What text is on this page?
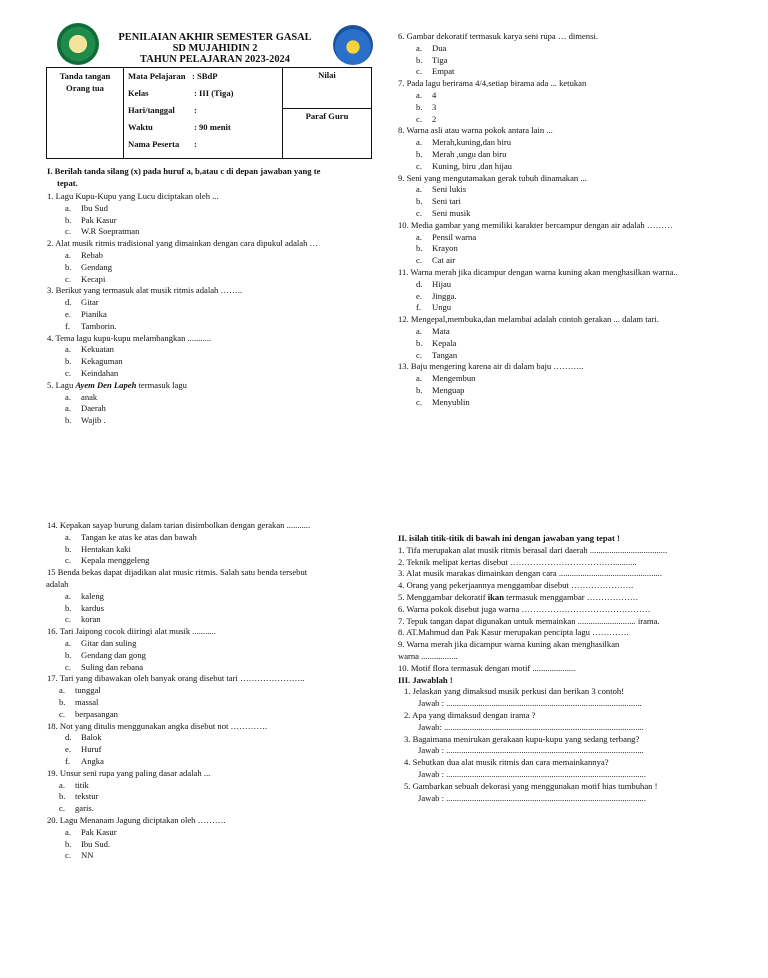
PENILAIAN AKHIR SEMESTER GASAL
SD MUJAHIDIN 2
TAHUN PELAJARAN 2023-2024
Tanda tangan Orang tua	
Mata Pelajaran : SBdP
Kelas	: III (Tiga)
Hari/tanggal	:
Waktu	: 90 menit
Nama Peserta	:
	Nilai
Paraf Guru
I. Berilah tanda silang (x) pada huruf a, b,atau c di depan jawaban yang te
tepat.
1. Lagu Kupu-Kupu yang Lucu diciptakan oleh ...
a. Ibu Sud
b. Pak Kasur
c. W.R Soepratman
2. Alat musik ritmis tradisional yang dimainkan dengan cara dipukul adalah …
a. Rebab
b. Gendang
c. Kecapi
3. Berikut yang termasuk alat musik ritmis adalah ……..
d. Gitar
e. Pianika
f. Tamborin.
4. Tema lagu kupu-kupu melambangkan ...........
a. Kekuatan
b. Kekaguman
c. Keindahan
5. Lagu Ayem Den Lapeh termasuk lagu
a. anak
a. Daerah
b. Wajib .
6. Gambar dekoratif termasuk karya seni rupa … dimensi.
a. Dua
b. Tiga
c. Empat
7. Pada lagu berirama 4/4,setiap birama ada ... ketukan
a. 4
b. 3
c. 2
8. Warna asli atau warna pokok antara lain ...
a. Merah,kuning,dan biru
b. Merah ,ungu dan biru
c. Kuning, biru ,dan hijau
9. Seni yang mengutamakan gerak tubuh dinamakan ...
a. Seni lukis
b. Seni tari
c. Seni musik
10. Media gambar yang memiliki karakter bercampur dengan air adalah ………
a. Pensil warna
b. Krayon
c. Cat air
11. Warna merah jika dicampur dengan warna kuning akan menghasilkan warna..
d. Hijau
e. Jingga.
f. Ungu
12. Mengepal,membuka,dan melambai adalah contoh gerakan ... dalam tari.
a. Mata
b. Kepala
c. Tangan
13. Baju mengering karena air di dalam baju ………..
a. Mengembun
b. Menguap
c. Menyublin
14. Kepakan sayap burung dalam tarian disimbolkan dengan gerakan ...........
a. Tangan ke atas ke atas dan bawah
b. Hentakan kaki
c. Kepala menggeleng
15 Benda bekas dapat dijadikan alat music ritmis. Salah satu benda tersebut
adalah
a. kaleng
b. kardus
c. koran
16. Tari Jaipong cocok diiringi alat musik ...........
a. Gitar dan suling
b. Gendang dan gong
c. Suling dan rebana
17. Tari yang dibawakan oleh banyak orang disebut tari …………………..
a. tunggal
b. massal
c. berpasangan
18. Not yang ditulis menggunakan angka disebut not ………….
d. Balok
e. Huruf
f. Angka
19. Unsur seni rupa yang paling dasar adalah ...
a. titik
b. tekstur
c. garis.
20. Lagu Menanam Jagung diciptakan oleh ……….
a. Pak Kasur
b. Ibu Sud.
c. NN
II. isilah titik-titik di bawah ini dengan jawaban yang tepat !
1. Tifa merupakan alat musik ritmis berasal dari daerah ....................................
2. Teknik melipat kertas disebut ………………………………...........
3. Alat musik marakas dimainkan dengan cara ................................................
4. Orang yang pekerjaannya menggambar disebut ………………….
5. Menggambar dekoratif ikan termasuk menggambar ………………
6. Warna pokok disebut juga warna ………………………………………
7. Tepuk tangan dapat digunakan untuk memainkan ........................... irama.
8. AT.Mahmud dan Pak Kasur merupakan pencipta lagu ………….
9. Warna merah jika dicampur warna kuning akan menghasilkan
warna .................
10. Motif flora termasuk dengan motif ....................
III. Jawablah !
1. Jelaskan yang dimaksud musik perkusi dan berikan 3 contoh!
Jawab : ...........................................................................................
2. Apa yang dimaksud dengan irama ?
Jawab: .............................................................................................
3. Bagaimana menirukan gerakaan kupu-kupu yang sedang terbang?
Jawab : ............................................................................................
4. Sebutkan dua alat musik ritmis dan cara memainkannya?
Jawab : .............................................................................................
5. Gambarkan sebuah dekorasi yang menggunakan motif hias tumbuhan !
Jawab : .............................................................................................
